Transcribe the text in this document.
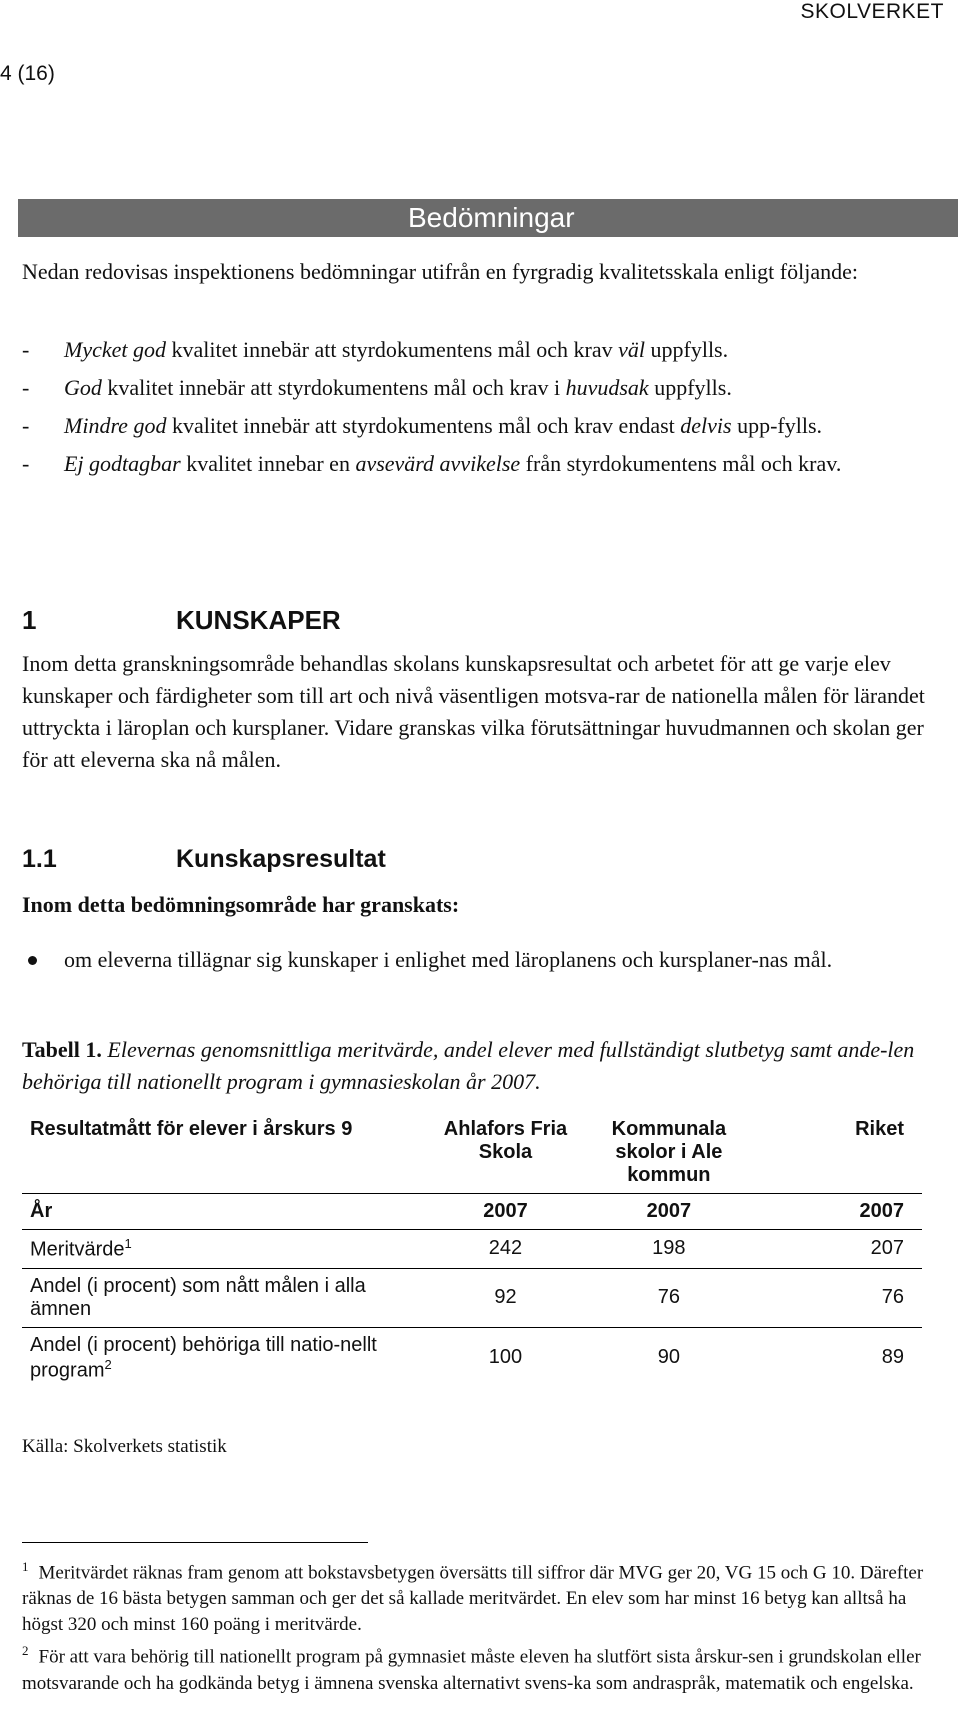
SKOLVERKET
4 (16)
Bedömningar
Nedan redovisas inspektionens bedömningar utifrån en fyrgradig kvalitetsskala enligt följande:
- Mycket god kvalitet innebär att styrdokumentens mål och krav väl uppfylls.
- God kvalitet innebär att styrdokumentens mål och krav i huvudsak uppfylls.
- Mindre god kvalitet innebär att styrdokumentens mål och krav endast delvis upp-fylls.
- Ej godtagbar kvalitet innebar en avsevärd avvikelse från styrdokumentens mål och krav.
1	KUNSKAPER
Inom detta granskningsområde behandlas skolans kunskapsresultat och arbetet för att ge varje elev kunskaper och färdigheter som till art och nivå väsentligen motsva-rar de nationella målen för lärandet uttryckta i läroplan och kursplaner. Vidare granskas vilka förutsättningar huvudmannen och skolan ger för att eleverna ska nå målen.
1.1	Kunskapsresultat
Inom detta bedömningsområde har granskats:
om eleverna tillägnar sig kunskaper i enlighet med läroplanens och kursplaner-nas mål.
Tabell 1. Elevernas genomsnittliga meritvärde, andel elever med fullständigt slutbetyg samt ande-len behöriga till nationellt program i gymnasieskolan år 2007.
Resultatmått för elever i årskurs 9	Ahlafors Fria Skola	Kommunala skolor i Ale kommun	Riket
År	2007	2007	2007
Meritvärde$^1$	242	198	207
Andel (i procent) som nått målen i alla ämnen	92	76	76
Andel (i procent) behöriga till natio-nellt program$^2$	100	90	89
Källa: Skolverkets statistik
$^1$ Meritvärdet räknas fram genom att bokstavsbetygen översätts till siffror där MVG ger 20, VG 15 och G 10. Därefter räknas de 16 bästa betygen samman och ger det så kallade meritvärdet. En elev som har minst 16 betyg kan alltså ha högst 320 och minst 160 poäng i meritvärde.
$^2$ För att vara behörig till nationellt program på gymnasiet måste eleven ha slutfört sista årskur-sen i grundskolan eller motsvarande och ha godkända betyg i ämnena svenska alternativt svens-ka som andraspråk, matematik och engelska.
